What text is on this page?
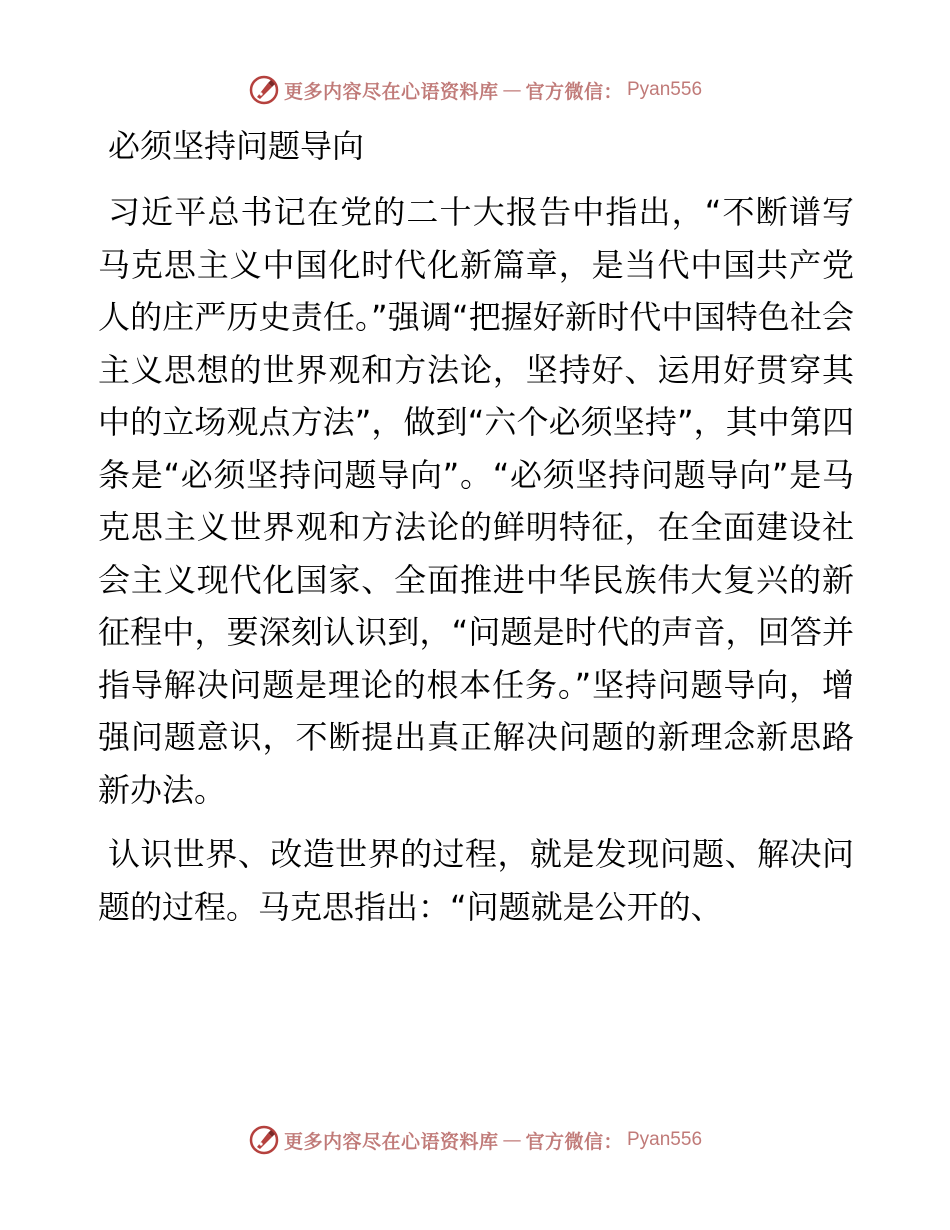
更多内容尽在心语资料库 — 官方微信： Pyan556
必须坚持问题导向

习近平总书记在党的二十大报告中指出，“不断谱写马克思主义中国化时代化新篇章，是当代中国共产党人的庄严历史责任。”强调“把握好新时代中国特色社会主义思想的世界观和方法论，坚持好、运用好贯穿其中的立场观点方法”，做到“六个必须坚持”，其中第四条是“必须坚持问题导向”。“必须坚持问题导向”是马克思主义世界观和方法论的鲜明特征，在全面建设社会主义现代化国家、全面推进中华民族伟大复兴的新征程中，要深刻认识到，“问题是时代的声音，回答并指导解决问题是理论的根本任务。”坚持问题导向，增强问题意识，不断提出真正解决问题的新理念新思路新办法。

认识世界、改造世界的过程，就是发现问题、解决问题的过程。马克思指出：“问题就是公开的、

更多内容尽在心语资料库 — 官方微信： Pyan556
